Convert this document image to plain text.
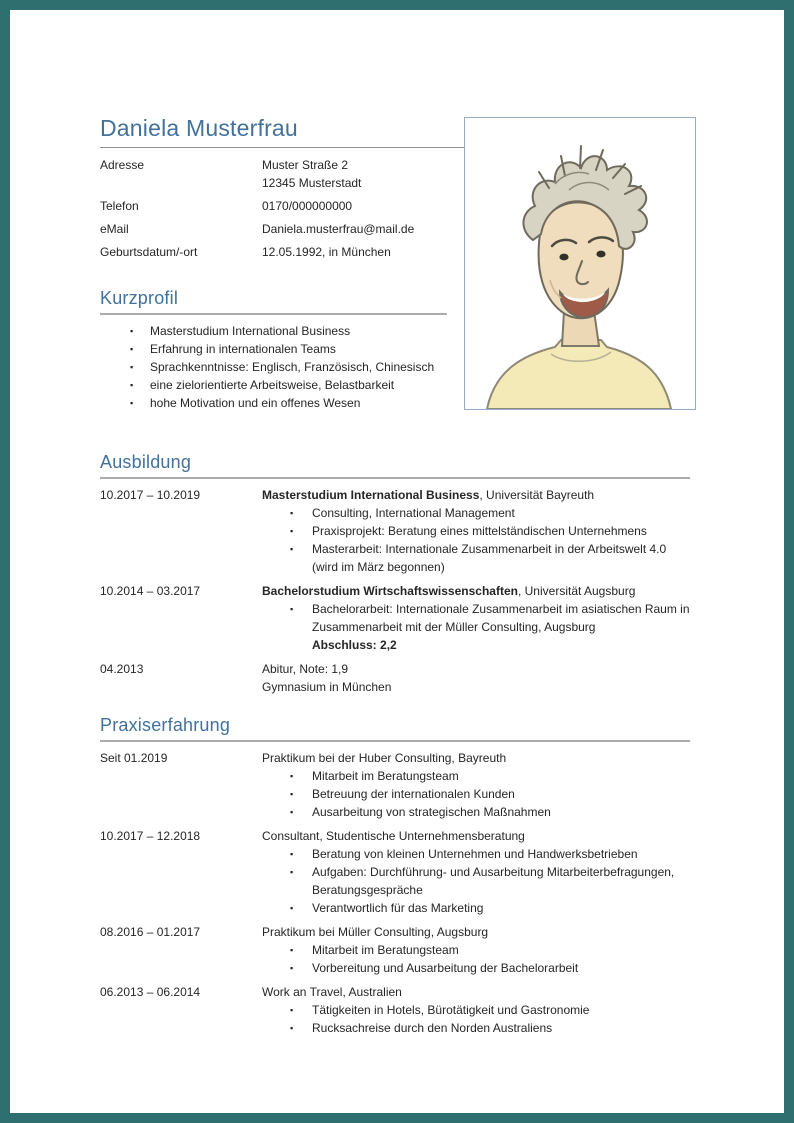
Daniela Musterfrau
Adresse	Muster Straße 2
12345 Musterstadt
Telefon	0170/000000000
eMail	Daniela.musterfrau@mail.de
Geburtsdatum/-ort	12.05.1992, in München
Kurzprofil
▪	Masterstudium International Business
▪	Erfahrung in internationalen Teams
▪	Sprachkenntnisse: Englisch, Französisch, Chinesisch
▪	eine zielorientierte Arbeitsweise, Belastbarkeit
▪	hohe Motivation und ein offenes Wesen
Ausbildung
10.2017 – 10.2019	Masterstudium International Business, Universität Bayreuth
▪	Consulting, International Management
▪	Praxisprojekt: Beratung eines mittelständischen Unternehmens
▪	Masterarbeit: Internationale Zusammenarbeit in der Arbeitswelt 4.0 (wird im März begonnen)
10.2014 – 03.2017	Bachelorstudium Wirtschaftswissenschaften, Universität Augsburg
▪	Bachelorarbeit: Internationale Zusammenarbeit im asiatischen Raum in Zusammenarbeit mit der Müller Consulting, Augsburg
Abschluss: 2,2
04.2013	Abitur, Note: 1,9
Gymnasium in München
Praxiserfahrung
Seit 01.2019	Praktikum bei der Huber Consulting, Bayreuth
▪	Mitarbeit im Beratungsteam
▪	Betreuung der internationalen Kunden
▪	Ausarbeitung von strategischen Maßnahmen
10.2017 – 12.2018	Consultant, Studentische Unternehmensberatung
▪	Beratung von kleinen Unternehmen und Handwerksbetrieben
▪	Aufgaben: Durchführung- und Ausarbeitung Mitarbeiterbefragungen, Beratungsgespräche
▪	Verantwortlich für das Marketing
08.2016 – 01.2017	Praktikum bei Müller Consulting, Augsburg
▪	Mitarbeit im Beratungsteam
▪	Vorbereitung und Ausarbeitung der Bachelorarbeit
06.2013 – 06.2014	Work an Travel, Australien
▪	Tätigkeiten in Hotels, Bürotätigkeit und Gastronomie
▪	Rucksachreise durch den Norden Australiens
